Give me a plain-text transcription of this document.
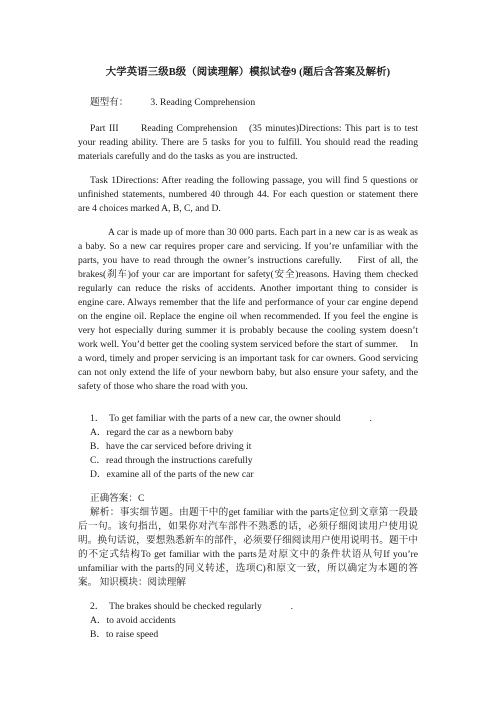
大学英语三级B级（阅读理解）模拟试卷9 (题后含答案及解析)
题型有： 3. Reading Comprehension

Part III　　Reading Comprehension　(35 minutes)Directions: This part is to test your reading ability. There are 5 tasks for you to fulfill. You should read the reading materials carefully and do the tasks as you are instructed.

Task 1Directions: After reading the following passage, you will find 5 questions or unfinished statements, numbered 40 through 44. For each question or statement there are 4 choices marked A, B, C, and D.

A car is made up of more than 30 000 parts. Each part in a new car is as weak as a baby. So a new car requires proper care and servicing. If you’re unfamiliar with the parts, you have to read through the owner’s instructions carefully.　 First of all, the brakes(刹车)of your car are important for safety(安全)reasons. Having them checked regularly can reduce the risks of accidents. Another important thing to consider is engine care. Always remember that the life and performance of your car engine depend on the engine oil. Replace the engine oil when recommended. If you feel the engine is very hot especially during summer it is probably because the cooling system doesn’t work well. You’d better get the cooling system serviced before the start of summer.　 In a word, timely and proper servicing is an important task for car owners. Good servicing can not only extend the life of your newborn baby, but also ensure your safety, and the safety of those who share the road with you.

1．　To get familiar with the parts of a new car, the owner should　　　.

A．regard the car as a newborn baby

B．have the car serviced before driving it

C．read through the instructions carefully

D．examine all of the parts of the new car

正确答案：C

解析：事实细节题。由题干中的get familiar with the parts定位到文章第一段最后一句。该句指出，如果你对汽车部件不熟悉的话，必须仔细阅读用户使用说明。换句话说，要想熟悉新车的部件，必须要仔细阅读用户使用说明书。题干中的不定式结构To get familiar with the parts是对原文中的条件状语从句If you’re unfamiliar with the parts的同义转述，选项C)和原文一致，所以确定为本题的答案。 知识模块：阅读理解

2．　The brakes should be checked regularly　　　.

A．to avoid accidents

B．to raise speed
